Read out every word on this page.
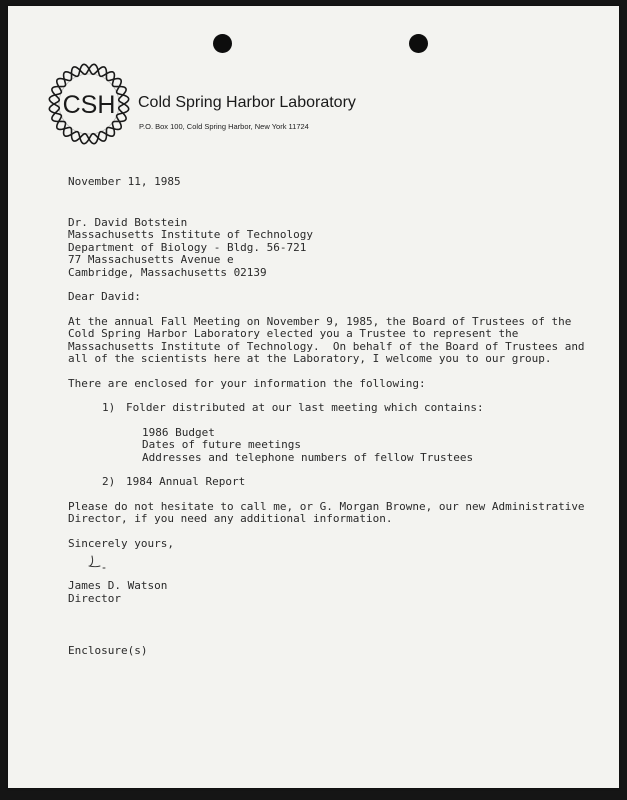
CSH Cold Spring Harbor Laboratory
P.O. Box 100, Cold Spring Harbor, New York 11724
November 11, 1985
Dr. David Botstein
Massachusetts Institute of Technology
Department of Biology - Bldg. 56-721
77 Massachusetts Avenue e
Cambridge, Massachusetts 02139
Dear David:
At the annual Fall Meeting on November 9, 1985, the Board of Trustees of the
Cold Spring Harbor Laboratory elected you a Trustee to represent the
Massachusetts Institute of Technology.  On behalf of the Board of Trustees and
all of the scientists here at the Laboratory, I welcome you to our group.
There are enclosed for your information the following:
1) Folder distributed at our last meeting which contains:
1986 Budget
Dates of future meetings
Addresses and telephone numbers of fellow Trustees
2) 1984 Annual Report
Please do not hesitate to call me, or G. Morgan Browne, our new Administrative
Director, if you need any additional information.
Sincerely yours,
James D. Watson
Director
Enclosure(s)
